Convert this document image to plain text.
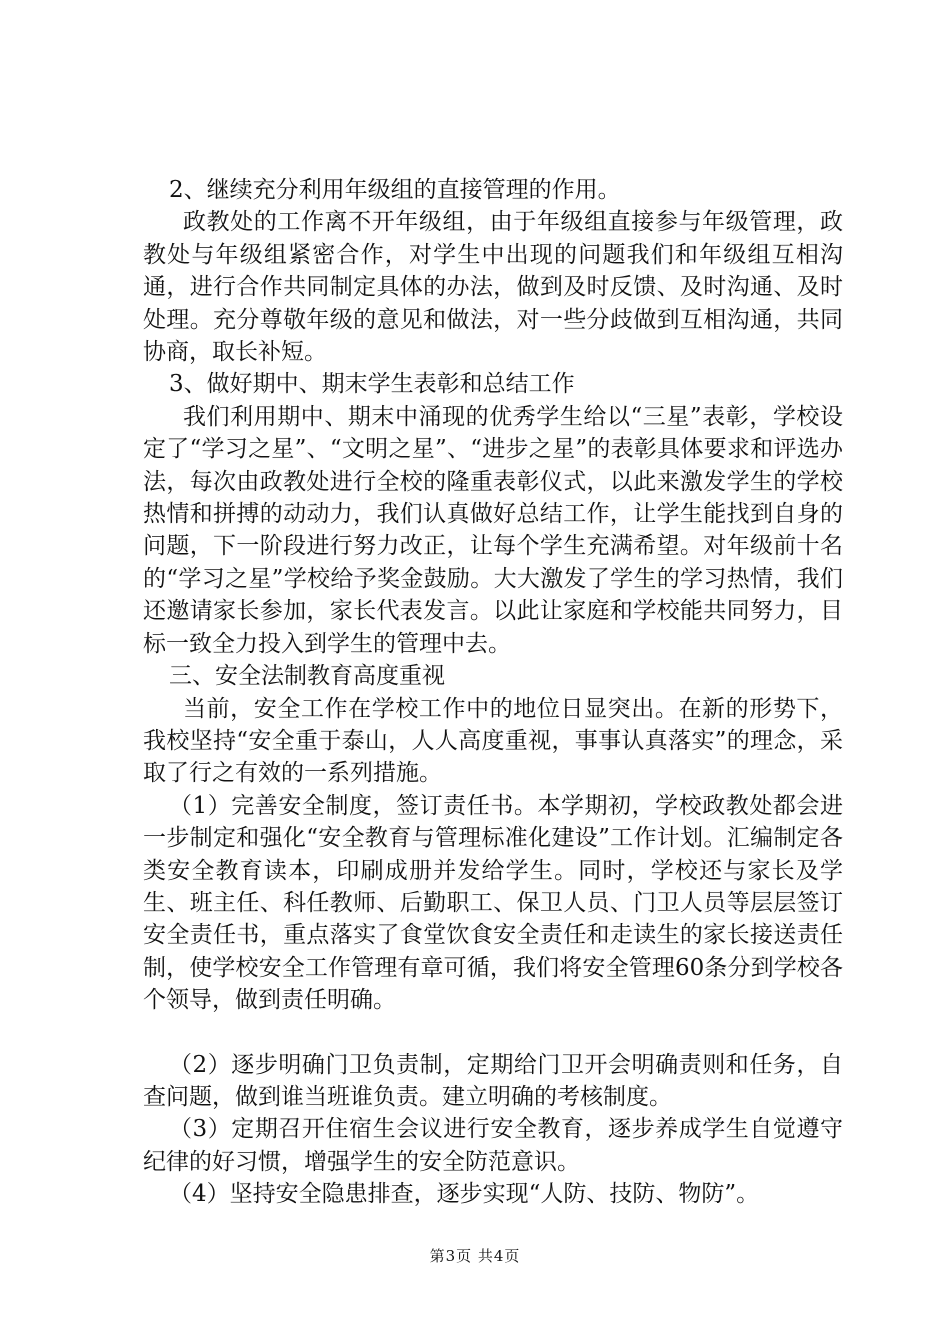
2、继续充分利用年级组的直接管理的作用。

政教处的工作离不开年级组，由于年级组直接参与年级管理，政教处与年级组紧密合作，对学生中出现的问题我们和年级组互相沟通，进行合作共同制定具体的办法，做到及时反馈、及时沟通、及时处理。充分尊敬年级的意见和做法，对一些分歧做到互相沟通，共同协商，取长补短。

3、做好期中、期末学生表彰和总结工作

我们利用期中、期末中涌现的优秀学生给以“三星”表彰，学校设定了“学习之星”、“文明之星”、“进步之星”的表彰具体要求和评选办法，每次由政教处进行全校的隆重表彰仪式，以此来激发学生的学校热情和拼搏的动动力，我们认真做好总结工作，让学生能找到自身的问题，下一阶段进行努力改正，让每个学生充满希望。对年级前十名的“学习之星”学校给予奖金鼓励。大大激发了学生的学习热情，我们还邀请家长参加，家长代表发言。以此让家庭和学校能共同努力，目标一致全力投入到学生的管理中去。

三、安全法制教育高度重视

当前，安全工作在学校工作中的地位日显突出。在新的形势下，我校坚持“安全重于泰山，人人高度重视，事事认真落实”的理念，采取了行之有效的一系列措施。

（1）完善安全制度，签订责任书。本学期初，学校政教处都会进一步制定和强化“安全教育与管理标准化建设”工作计划。汇编制定各类安全教育读本，印刷成册并发给学生。同时，学校还与家长及学生、班主任、科任教师、后勤职工、保卫人员、门卫人员等层层签订安全责任书，重点落实了食堂饮食安全责任和走读生的家长接送责任制，使学校安全工作管理有章可循，我们将安全管理60条分到学校各个领导，做到责任明确。

（2）逐步明确门卫负责制，定期给门卫开会明确责则和任务，自查问题，做到谁当班谁负责。建立明确的考核制度。

（3）定期召开住宿生会议进行安全教育，逐步养成学生自觉遵守纪律的好习惯，增强学生的安全防范意识。

（4）坚持安全隐患排查，逐步实现“人防、技防、物防”。

第3页 共4页
